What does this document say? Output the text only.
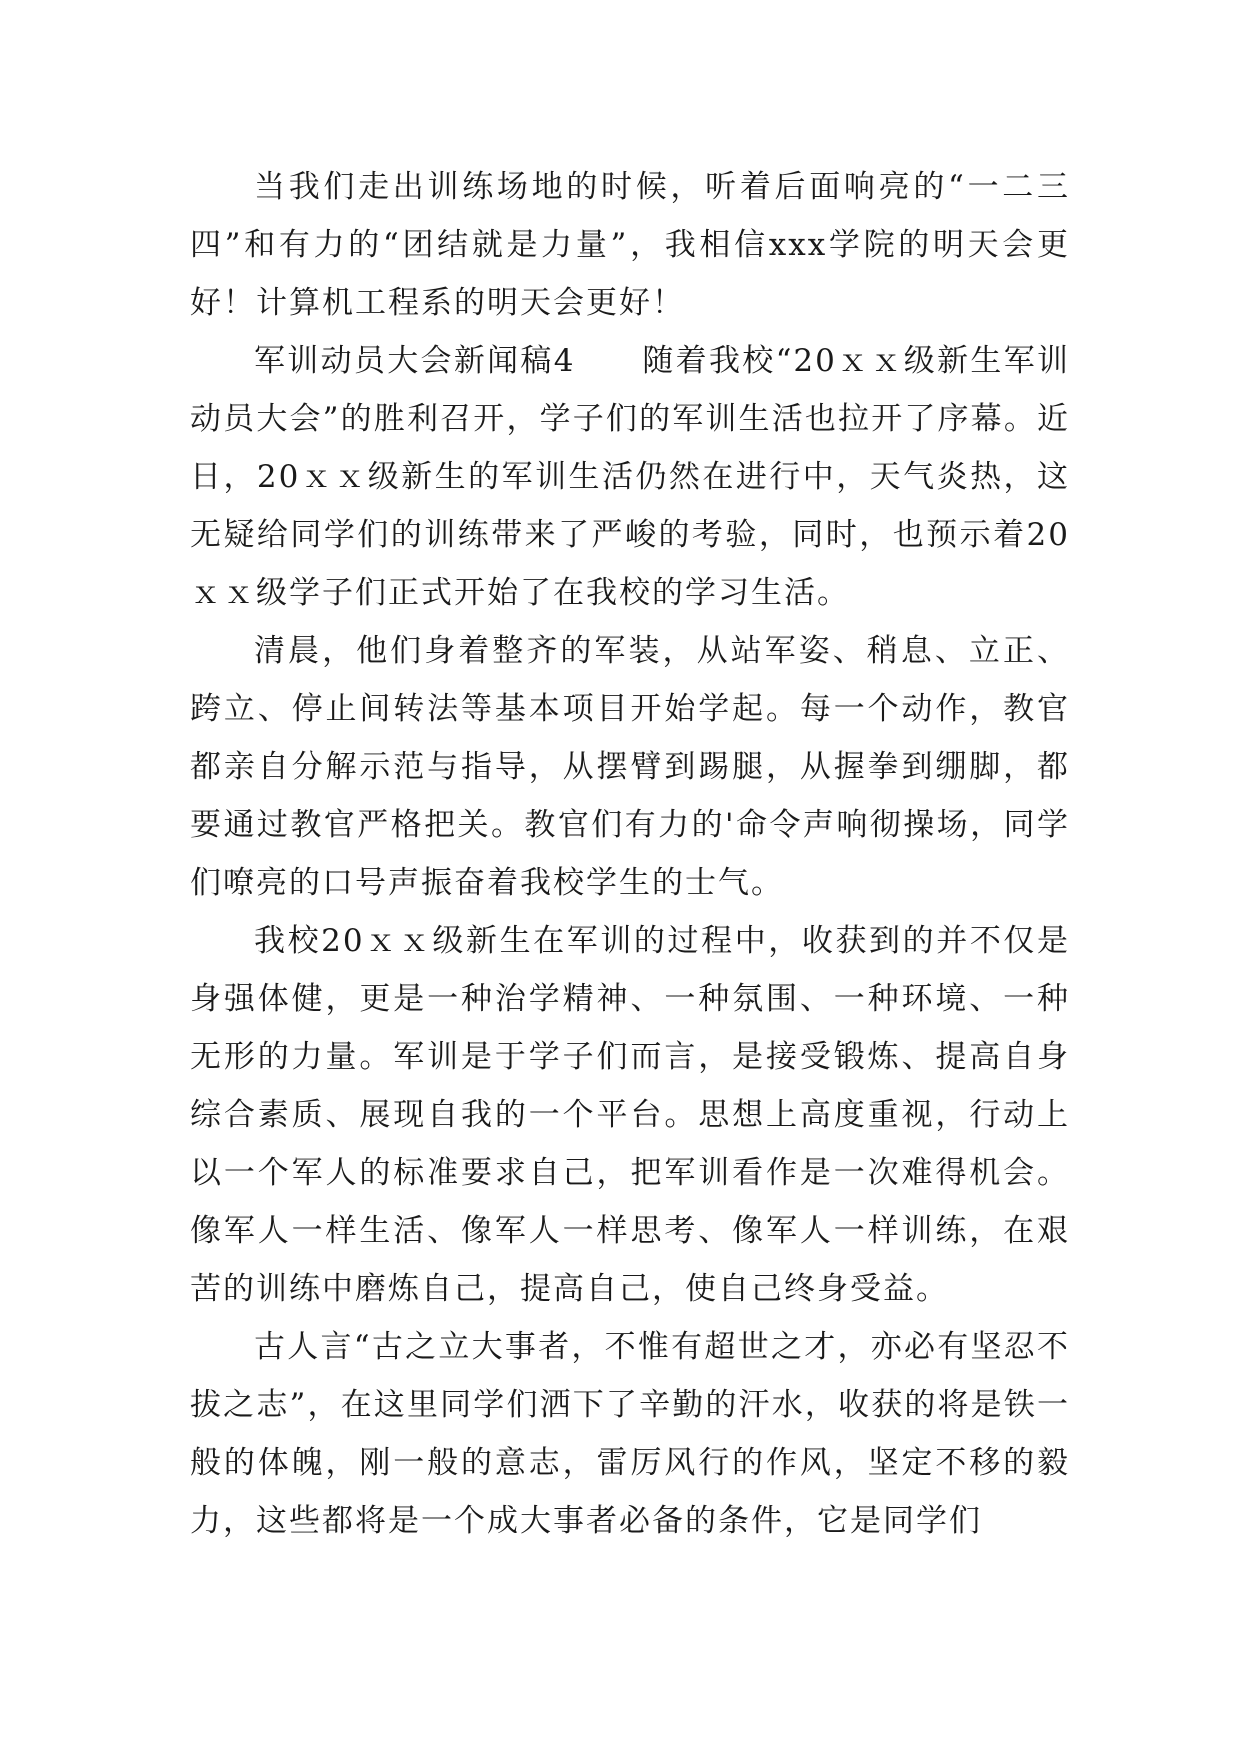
当我们走出训练场地的时候，听着后面响亮的“一二三四”和有力的“团结就是力量”，我相信xxx学院的明天会更好！计算机工程系的明天会更好！

军训动员大会新闻稿4　　随着我校“20ｘｘ级新生军训动员大会”的胜利召开，学子们的军训生活也拉开了序幕。近日，20ｘｘ级新生的军训生活仍然在进行中，天气炎热，这无疑给同学们的训练带来了严峻的考验，同时，也预示着20ｘｘ级学子们正式开始了在我校的学习生活。

清晨，他们身着整齐的军装，从站军姿、稍息、立正、跨立、停止间转法等基本项目开始学起。每一个动作，教官都亲自分解示范与指导，从摆臂到踢腿，从握拳到绷脚，都要通过教官严格把关。教官们有力的'命令声响彻操场，同学们嘹亮的口号声振奋着我校学生的士气。

我校20ｘｘ级新生在军训的过程中，收获到的并不仅是身强体健，更是一种治学精神、一种氛围、一种环境、一种无形的力量。军训是于学子们而言，是接受锻炼、提高自身综合素质、展现自我的一个平台。思想上高度重视，行动上以一个军人的标准要求自己，把军训看作是一次难得机会。像军人一样生活、像军人一样思考、像军人一样训练，在艰苦的训练中磨炼自己，提高自己，使自己终身受益。

古人言“古之立大事者，不惟有超世之才，亦必有坚忍不拔之志”，在这里同学们洒下了辛勤的汗水，收获的将是铁一般的体魄，刚一般的意志，雷厉风行的作风，坚定不移的毅力，这些都将是一个成大事者必备的条件，它是同学们
